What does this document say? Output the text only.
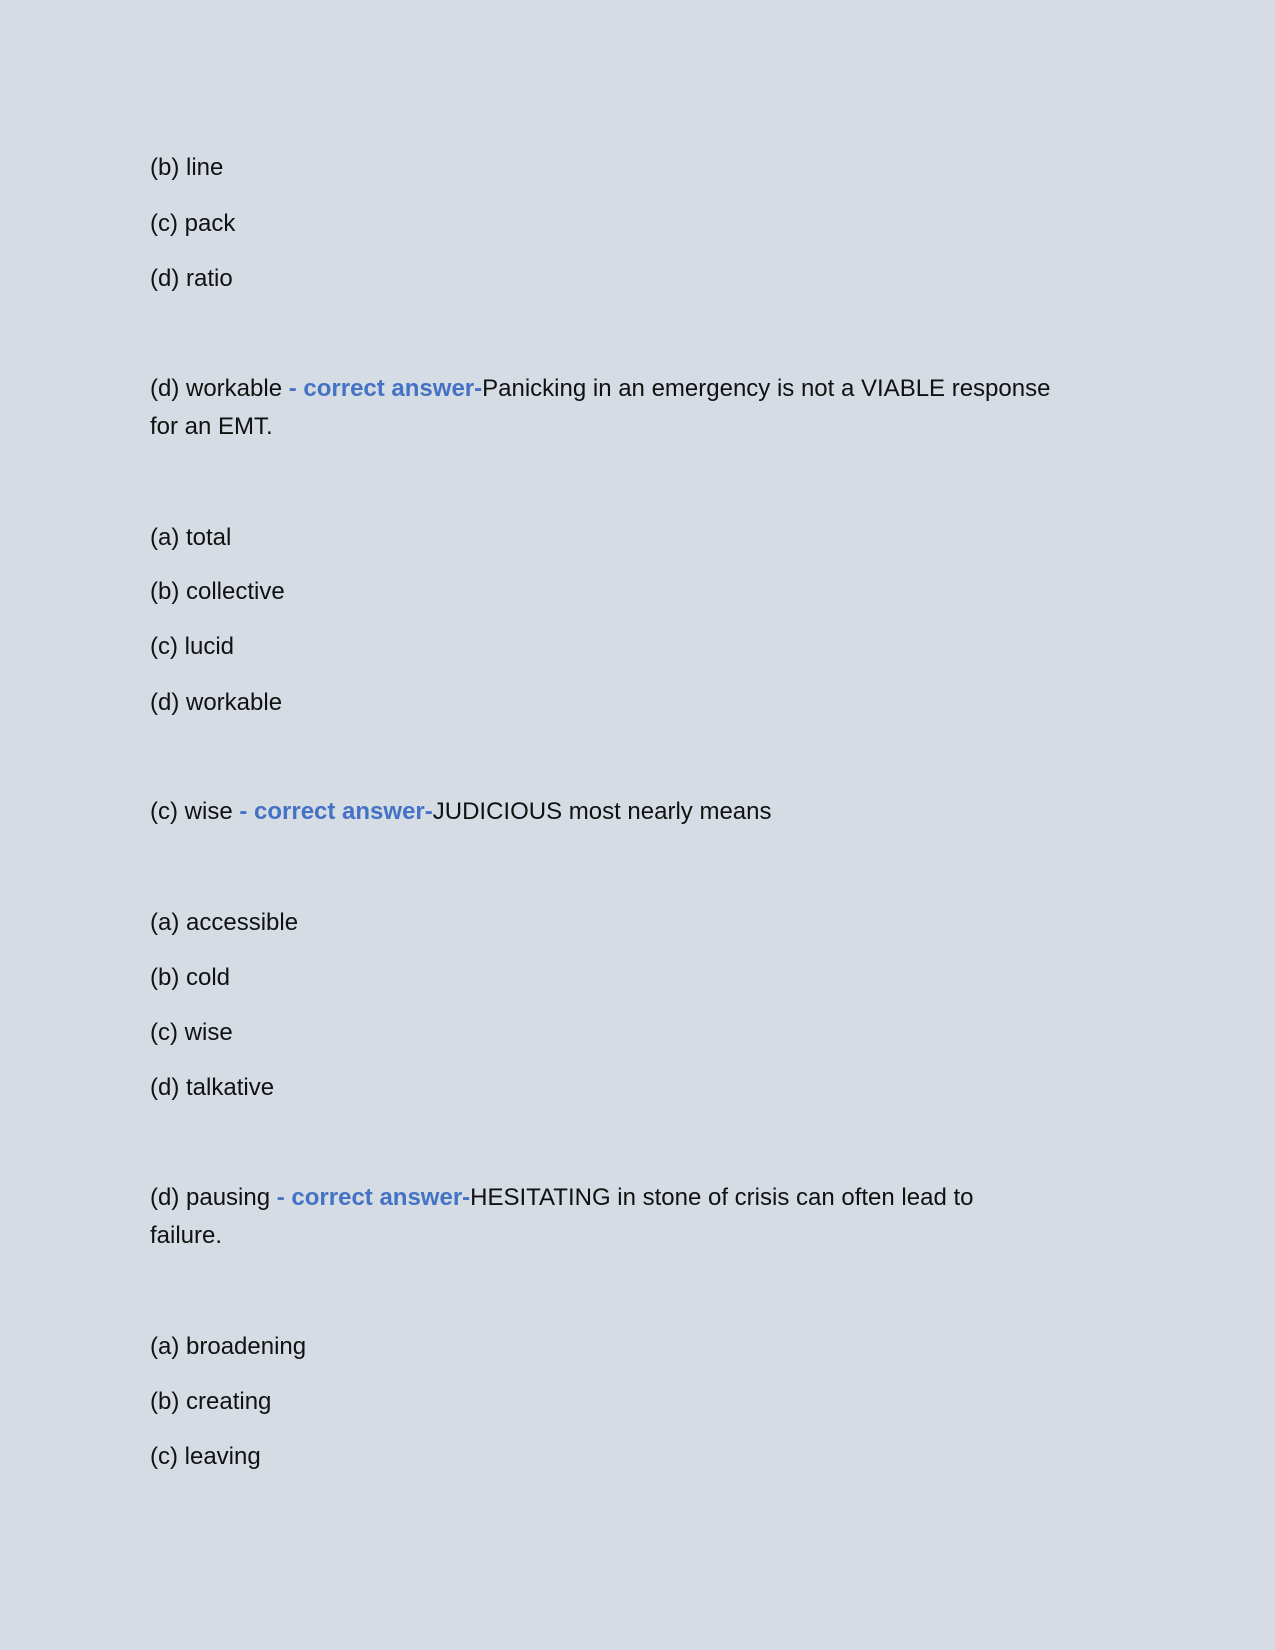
(b) line
(c) pack
(d) ratio
(d) workable - correct answer-Panicking in an emergency is not a VIABLE response
for an EMT.
(a) total
(b) collective
(c) lucid
(d) workable
(c) wise - correct answer-JUDICIOUS most nearly means
(a) accessible
(b) cold
(c) wise
(d) talkative
(d) pausing - correct answer-HESITATING in stone of crisis can often lead to
failure.
(a) broadening
(b) creating
(c) leaving
